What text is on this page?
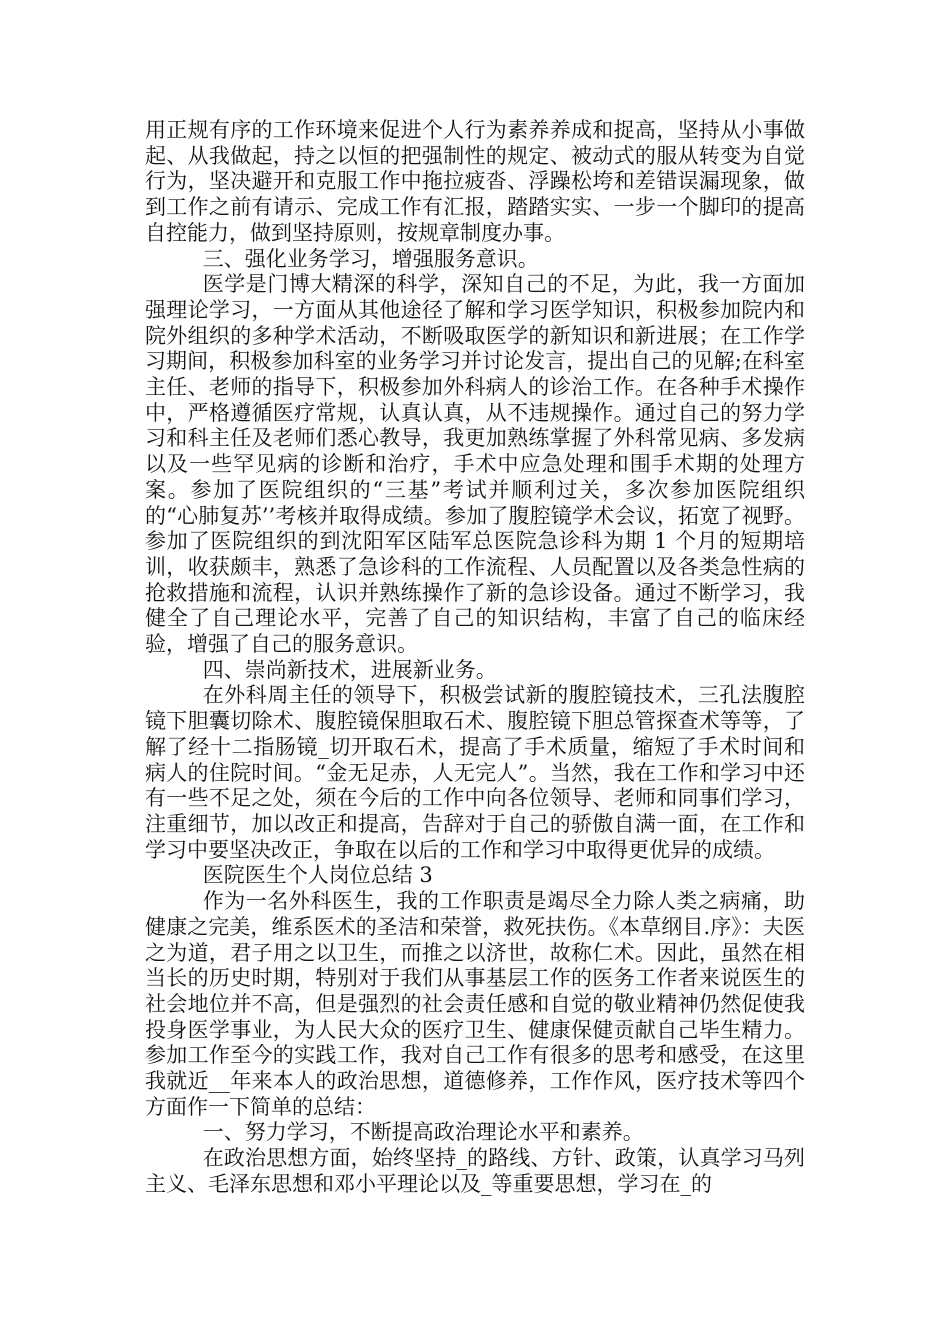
用正规有序的工作环境来促进个人行为素养养成和捉高，坚持从小事做起、从我做起，持之以恒的把强制性的规定、被动式的服从转变为自觉行为，坚决避开和克服工作中拖拉疲沓、浮躁松垮和差错误漏现象，做到工作之前有请示、完成工作有汇报，踏踏实实、一步一个脚印的提高自控能力，做到坚持原则，按规章制度办事。

三、强化业务学习，增强服务意识。

医学是门博大精深的科学，深知自己的不足，为此，我一方面加强理论学习，一方面从其他途径了解和学习医学知识，积极参加院内和院外组织的多种学术活动，不断吸取医学的新知识和新进展；在工作学习期间，积极参加科室的业务学习并讨论发言，提出自己的见解;在科室主任、老师的指导下，积极参加外科病人的诊治工作。在各种手术操作中，严格遵循医疗常规，认真认真，从不违规操作。通过自己的努力学习和科主任及老师们悉心教导，我更加熟练掌握了外科常见病、多发病以及一些罕见病的诊断和治疗，手术中应急处理和围手术期的处理方案。参加了医院组织的“三基”考试并顺利过关，多次参加医院组织的“心肺复苏’’考核并取得成绩。参加了腹腔镜学术会议，拓宽了视野。参加了医院组织的到沈阳军区陆军总医院急诊科为期 1 个月的短期培训，收获颇丰，熟悉了急诊科的工作流程、人员配置以及各类急性病的抢救措施和流程，认识并熟练操作了新的急诊设备。通过不断学习，我健全了自己理论水平，完善了自己的知识结构，丰富了自己的临床经验，增强了自己的服务意识。

四、崇尚新技术，进展新业务。

在外科周主任的领导下，积极尝试新的腹腔镜技术，三孔法腹腔镜下胆囊切除术、腹腔镜保胆取石术、腹腔镜下胆总管探查术等等，了解了经十二指肠镜_切开取石术，提高了手术质量，缩短了手术时间和病人的住院时间。“金无足赤，人无完人”。当然，我在工作和学习中还有一些不足之处，须在今后的工作中向各位领导、老师和同事们学习，注重细节，加以改正和提高，告辞对于自己的骄傲自满一面，在工作和学习中要坚决改正，争取在以后的工作和学习中取得更优异的成绩。

医院医生个人岗位总结 3

作为一名外科医生，我的工作职责是竭尽全力除人类之病痛，助健康之完美，维系医术的圣洁和荣誉，救死扶伤。《本草纲目.序》：夫医之为道，君子用之以卫生，而推之以济世，故称仁术。因此，虽然在相当长的历史时期，特别对于我们从事基层工作的医务工作者来说医生的社会地位并不高，但是强烈的社会责任感和自觉的敬业精神仍然促使我投身医学事业，为人民大众的医疗卫生、健康保健贡献自己毕生精力。参加工作至今的实践工作，我对自己工作有很多的思考和感受，在这里我就近__年来本人的政治思想，道德修养，工作作风，医疗技术等四个方面作一下简单的总结：

一、努力学习，不断提高政治理论水平和素养。

在政治思想方面，始终坚持_的路线、方针、政策，认真学习马列主义、毛泽东思想和邓小平理论以及_等重要思想，学习在_的
